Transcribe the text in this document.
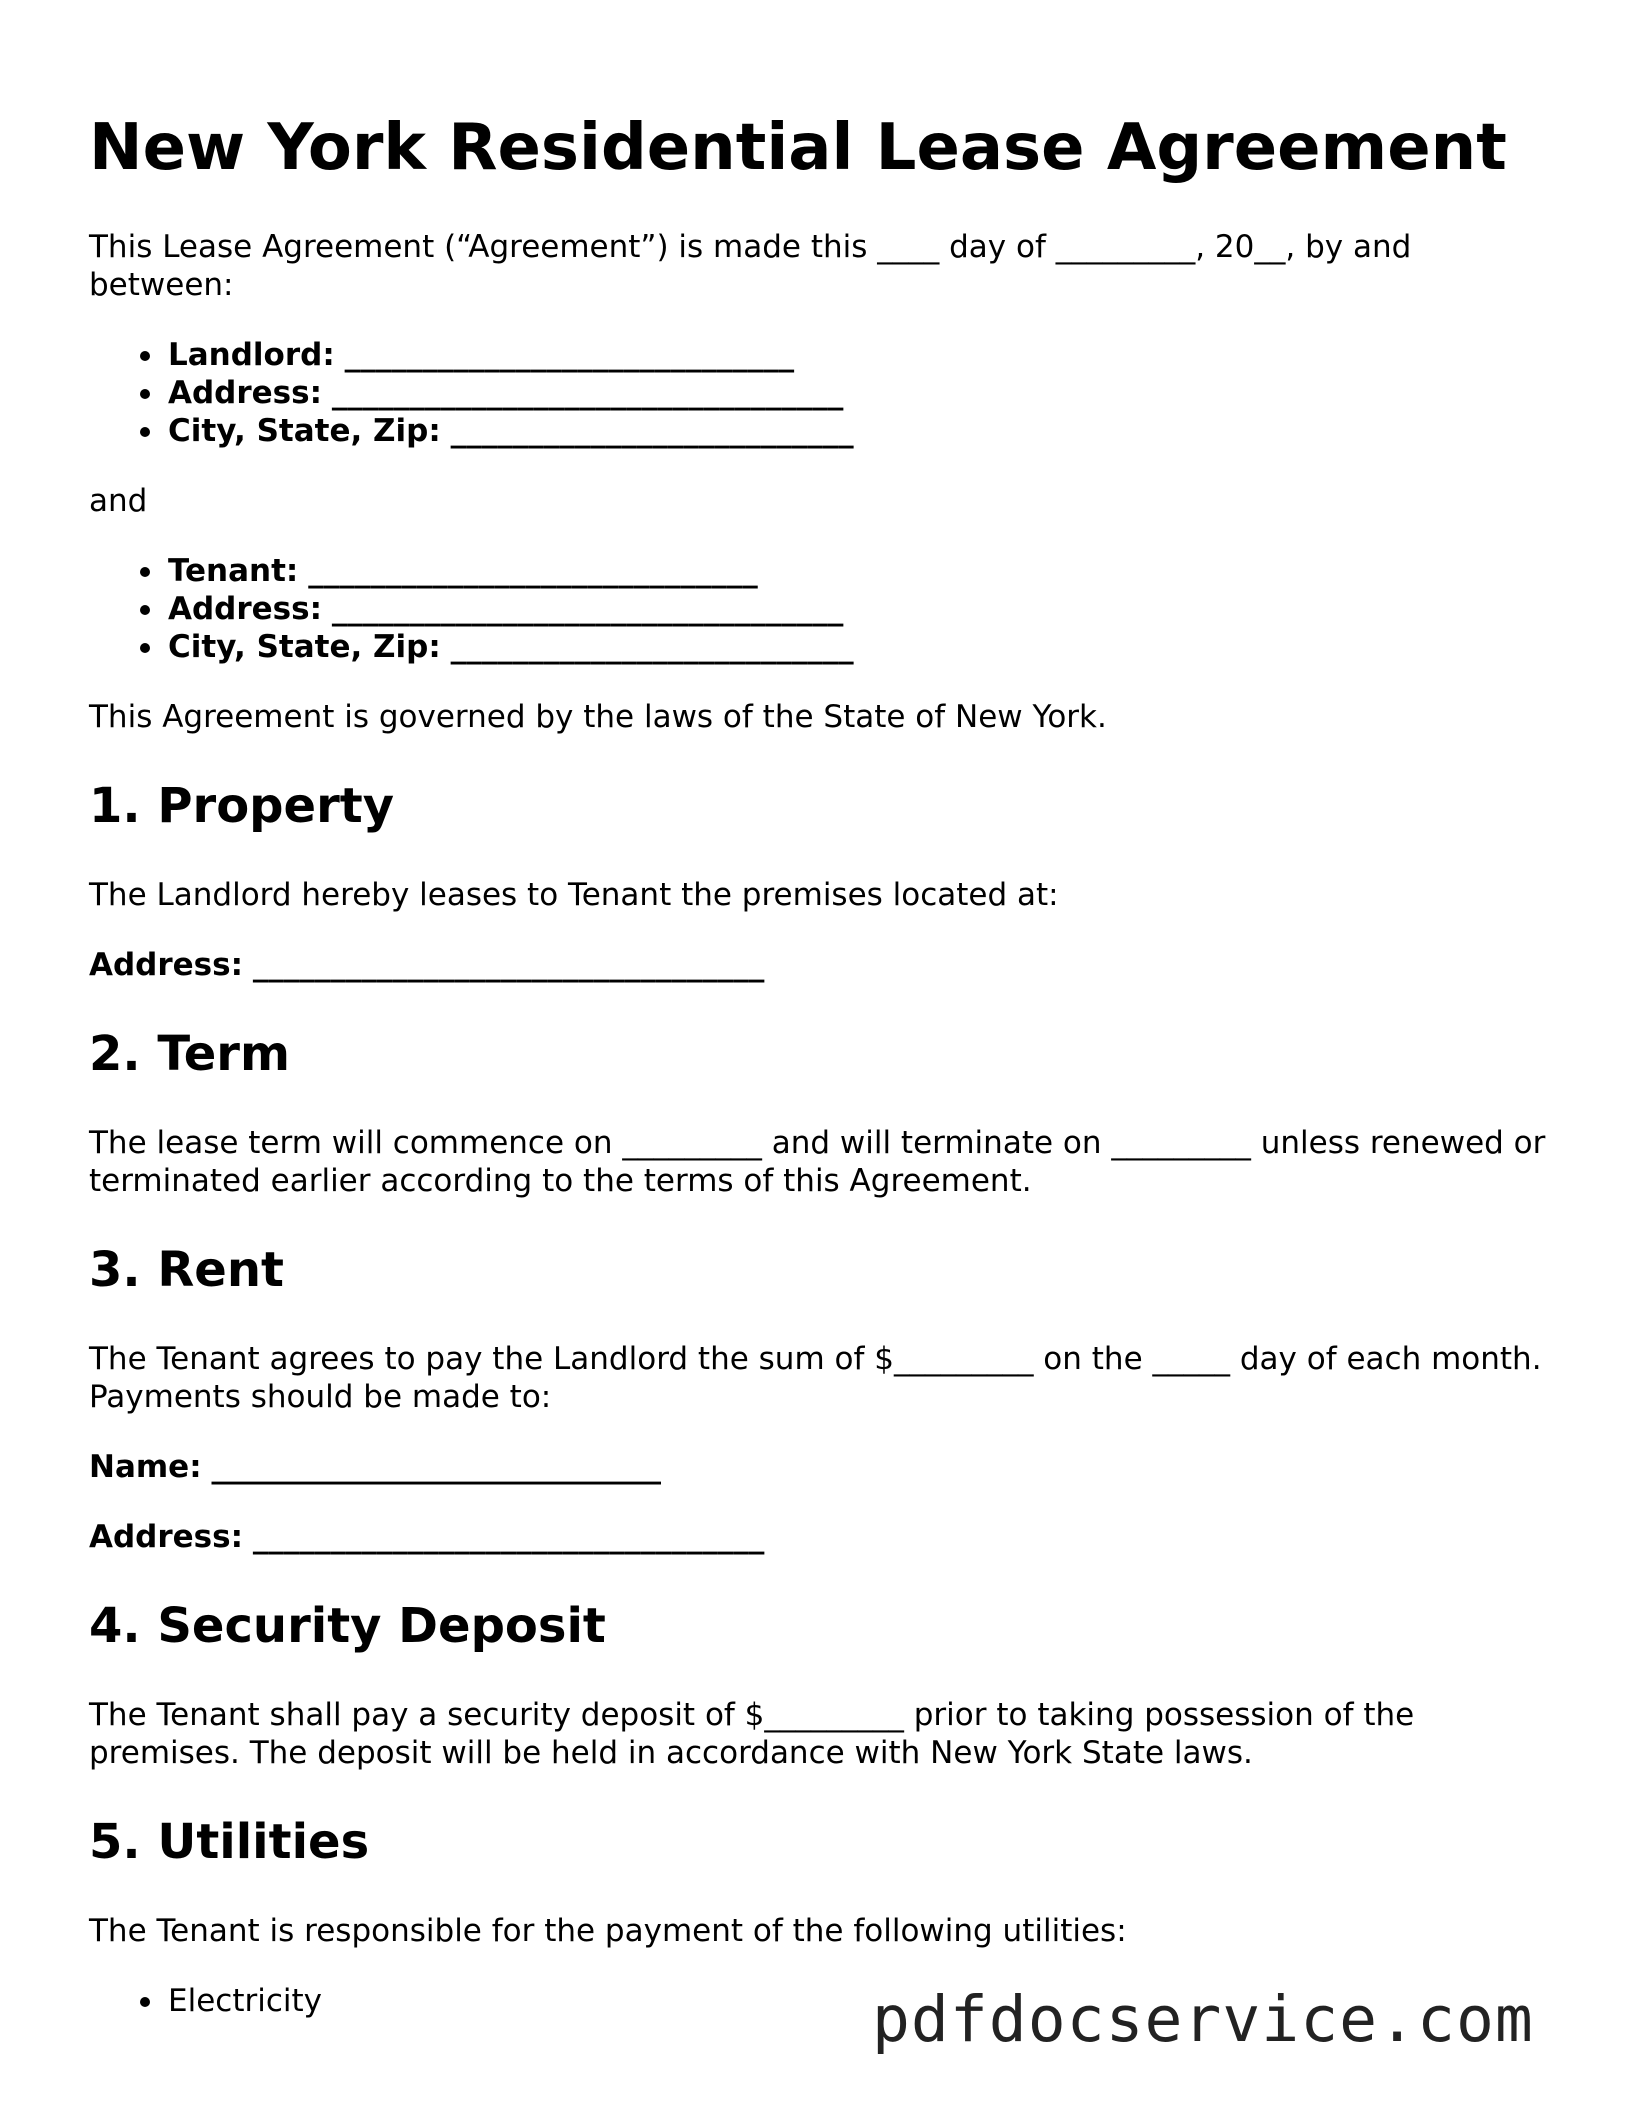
New York Residential Lease Agreement

This Lease Agreement (“Agreement”) is made this ____ day of _________, 20__, by and between:

Landlord: _____________________________
Address: _________________________________
City, State, Zip: __________________________

and

Tenant: _____________________________
Address: _________________________________
City, State, Zip: __________________________

This Agreement is governed by the laws of the State of New York.

1. Property

The Landlord hereby leases to Tenant the premises located at:

Address: _________________________________

2. Term

The lease term will commence on _________ and will terminate on _________ unless renewed or terminated earlier according to the terms of this Agreement.

3. Rent

The Tenant agrees to pay the Landlord the sum of $_________ on the _____ day of each month. Payments should be made to:

Name: _____________________________

Address: _________________________________

4. Security Deposit

The Tenant shall pay a security deposit of $_________ prior to taking possession of the premises. The deposit will be held in accordance with New York State laws.

5. Utilities

The Tenant is responsible for the payment of the following utilities:

Electricity	pdfdocservice.com
